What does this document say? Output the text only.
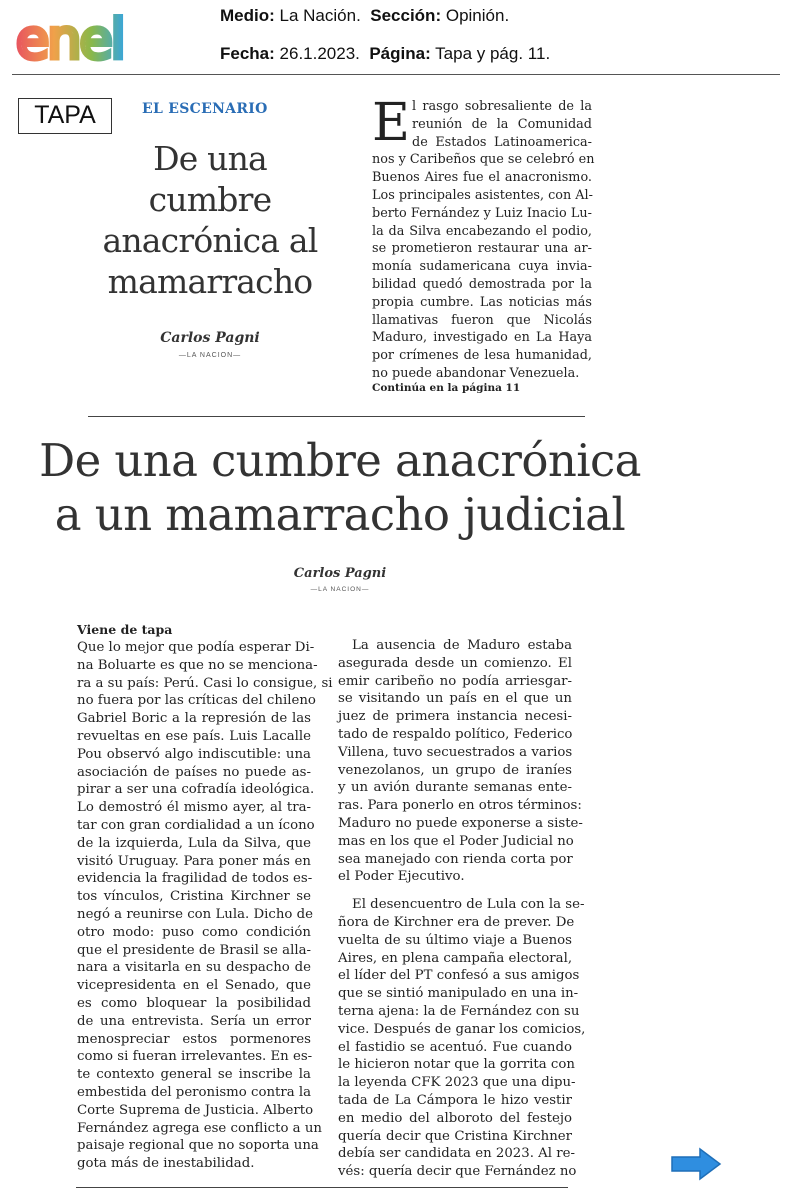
enel	Medio: La Nación. Sección: Opinión.
Fecha: 26.1.2023. Página: Tapa y pág. 11.
TAPA	EL ESCENARIO
De una
cumbre
anacrónica al
mamarracho
Carlos Pagni
—LA NACION—
E l rasgo sobresaliente de la
reunión de la Comunidad
de Estados Latinoamerica-
nos y Caribeños que se celebró en
Buenos Aires fue el anacronismo.
Los principales asistentes, con Al-
berto Fernández y Luiz Inacio Lu-
la da Silva encabezando el podio,
se prometieron restaurar una ar-
monía sudamericana cuya invia-
bilidad quedó demostrada por la
propia cumbre. Las noticias más
llamativas fueron que Nicolás
Maduro, investigado en La Haya
por crímenes de lesa humanidad,
no puede abandonar Venezuela.
Continúa en la página 11
De una cumbre anacrónica
a un mamarracho judicial
Carlos Pagni
—LA NACION—
Viene de tapa
Que lo mejor que podía esperar Di-
na Boluarte es que no se menciona-
ra a su país: Perú. Casi lo consigue, si
no fuera por las críticas del chileno
Gabriel Boric a la represión de las
revueltas en ese país. Luis Lacalle
Pou observó algo indiscutible: una
asociación de países no puede as-
pirar a ser una cofradía ideológica.
Lo demostró él mismo ayer, al tra-
tar con gran cordialidad a un ícono
de la izquierda, Lula da Silva, que
visitó Uruguay. Para poner más en
evidencia la fragilidad de todos es-
tos vínculos, Cristina Kirchner se
negó a reunirse con Lula. Dicho de
otro modo: puso como condición
que el presidente de Brasil se alla-
nara a visitarla en su despacho de
vicepresidenta en el Senado, que
es como bloquear la posibilidad
de una entrevista. Sería un error
menospreciar estos pormenores
como si fueran irrelevantes. En es-
te contexto general se inscribe la
embestida del peronismo contra la
Corte Suprema de Justicia. Alberto
Fernández agrega ese conflicto a un
paisaje regional que no soporta una
gota más de inestabilidad.
La ausencia de Maduro estaba
asegurada desde un comienzo. El
emir caribeño no podía arriesgar-
se visitando un país en el que un
juez de primera instancia necesi-
tado de respaldo político, Federico
Villena, tuvo secuestrados a varios
venezolanos, un grupo de iraníes
y un avión durante semanas ente-
ras. Para ponerlo en otros términos:
Maduro no puede exponerse a siste-
mas en los que el Poder Judicial no
sea manejado con rienda corta por
el Poder Ejecutivo.
El desencuentro de Lula con la se-
ñora de Kirchner era de prever. De
vuelta de su último viaje a Buenos
Aires, en plena campaña electoral,
el líder del PT confesó a sus amigos
que se sintió manipulado en una in-
terna ajena: la de Fernández con su
vice. Después de ganar los comicios,
el fastidio se acentuó. Fue cuando
le hicieron notar que la gorrita con
la leyenda CFK 2023 que una dipu-
tada de La Cámpora le hizo vestir
en medio del alboroto del festejo
quería decir que Cristina Kirchner
debía ser candidata en 2023. Al re-
vés: quería decir que Fernández no
